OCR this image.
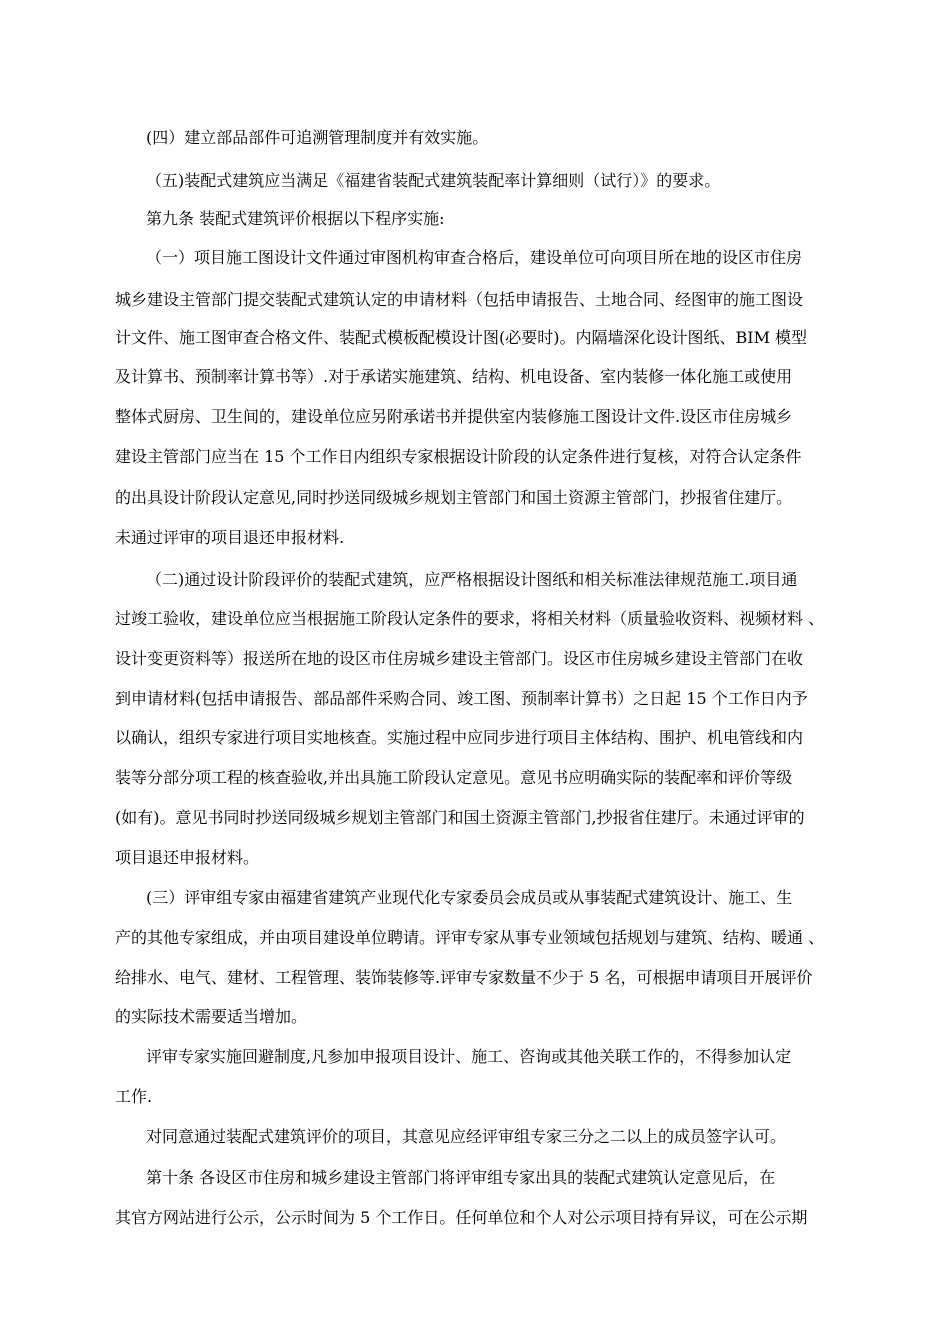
(四）建立部品部件可追溯管理制度并有效实施。
（五)装配式建筑应当满足《福建省装配式建筑装配率计算细则（试行）》的要求。
第九条 装配式建筑评价根据以下程序实施:
（一）项目施工图设计文件通过审图机构审查合格后，建设单位可向项目所在地的设区市住房
城乡建设主管部门提交装配式建筑认定的申请材料（包括申请报告、土地合同、经图审的施工图设
计文件、施工图审查合格文件、装配式模板配模设计图(必要时)。内隔墙深化设计图纸、BIM 模型
及计算书、预制率计算书等）.对于承诺实施建筑、结构、机电设备、室内装修一体化施工或使用
整体式厨房、卫生间的，建设单位应另附承诺书并提供室内装修施工图设计文件.设区市住房城乡
建设主管部门应当在 15 个工作日内组织专家根据设计阶段的认定条件进行复核，对符合认定条件
的出具设计阶段认定意见,同时抄送同级城乡规划主管部门和国土资源主管部门，抄报省住建厅。
未通过评审的项目退还申报材料.
（二)通过设计阶段评价的装配式建筑，应严格根据设计图纸和相关标准法律规范施工.项目通
过竣工验收，建设单位应当根据施工阶段认定条件的要求，将相关材料（质量验收资料、视频材料 、
设计变更资料等）报送所在地的设区市住房城乡建设主管部门。设区市住房城乡建设主管部门在收
到申请材料(包括申请报告、部品部件采购合同、竣工图、预制率计算书）之日起 15 个工作日内予
以确认，组织专家进行项目实地核查。实施过程中应同步进行项目主体结构、围护、机电管线和内
装等分部分项工程的核查验收,并出具施工阶段认定意见。意见书应明确实际的装配率和评价等级
(如有)。意见书同时抄送同级城乡规划主管部门和国土资源主管部门,抄报省住建厅。未通过评审的
项目退还申报材料。
(三）评审组专家由福建省建筑产业现代化专家委员会成员或从事装配式建筑设计、施工、生
产的其他专家组成，并由项目建设单位聘请。评审专家从事专业领域包括规划与建筑、结构、暖通 、
给排水、电气、建材、工程管理、装饰装修等.评审专家数量不少于 5 名，可根据申请项目开展评价
的实际技术需要适当增加。
评审专家实施回避制度,凡参加申报项目设计、施工、咨询或其他关联工作的，不得参加认定
工作.
对同意通过装配式建筑评价的项目，其意见应经评审组专家三分之二以上的成员签字认可。
第十条 各设区市住房和城乡建设主管部门将评审组专家出具的装配式建筑认定意见后，在
其官方网站进行公示，公示时间为 5 个工作日。任何单位和个人对公示项目持有异议，可在公示期
